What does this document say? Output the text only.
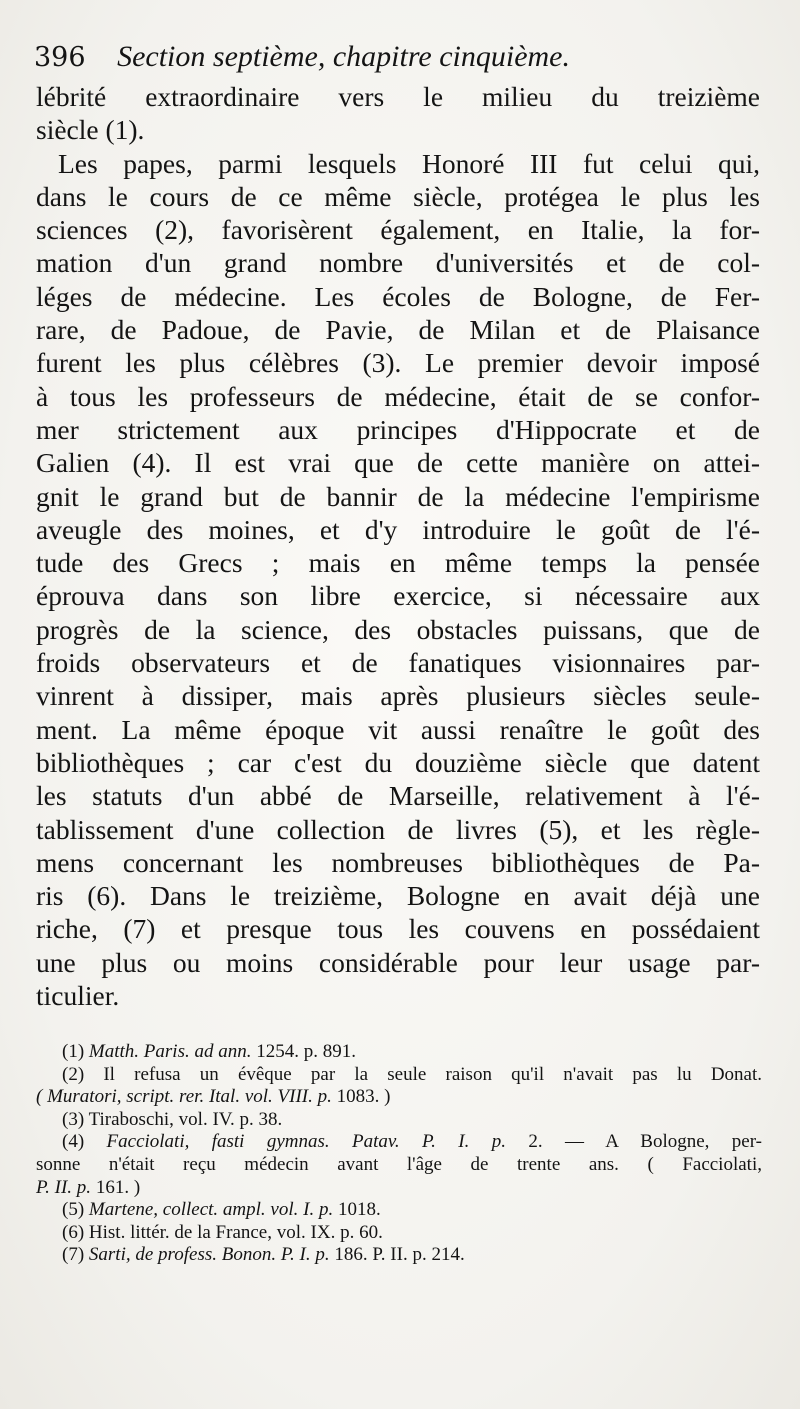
396 Section septième, chapitre cinquième.
lébrité extraordinaire vers le milieu du treizième
siècle (1).
Les papes, parmi lesquels Honoré III fut celui qui,
dans le cours de ce même siècle, protégea le plus les
sciences (2), favorisèrent également, en Italie, la for-
mation d'un grand nombre d'universités et de col-
léges de médecine. Les écoles de Bologne, de Fer-
rare, de Padoue, de Pavie, de Milan et de Plaisance
furent les plus célèbres (3). Le premier devoir imposé
à tous les professeurs de médecine, était de se confor-
mer strictement aux principes d'Hippocrate et de
Galien (4). Il est vrai que de cette manière on attei-
gnit le grand but de bannir de la médecine l'empirisme
aveugle des moines, et d'y introduire le goût de l'é-
tude des Grecs ; mais en même temps la pensée
éprouva dans son libre exercice, si nécessaire aux
progrès de la science, des obstacles puissans, que de
froids observateurs et de fanatiques visionnaires par-
vinrent à dissiper, mais après plusieurs siècles seule-
ment. La même époque vit aussi renaître le goût des
bibliothèques ; car c'est du douzième siècle que datent
les statuts d'un abbé de Marseille, relativement à l'é-
tablissement d'une collection de livres (5), et les règle-
mens concernant les nombreuses bibliothèques de Pa-
ris (6). Dans le treizième, Bologne en avait déjà une
riche, (7) et presque tous les couvens en possédaient
une plus ou moins considérable pour leur usage par-
ticulier.
(1) Matth. Paris. ad ann. 1254. p. 891.
(2) Il refusa un évêque par la seule raison qu'il n'avait pas lu Donat.
( Muratori, script. rer. Ital. vol. VIII. p. 1083. )
(3) Tiraboschi, vol. IV. p. 38.
(4) Facciolati, fasti gymnas. Patav. P. I. p. 2. — A Bologne, per-
sonne n'était reçu médecin avant l'âge de trente ans. ( Facciolati,
P. II. p. 161. )
(5) Martene, collect. ampl. vol. I. p. 1018.
(6) Hist. littér. de la France, vol. IX. p. 60.
(7) Sarti, de profess. Bonon. P. I. p. 186. P. II. p. 214.
